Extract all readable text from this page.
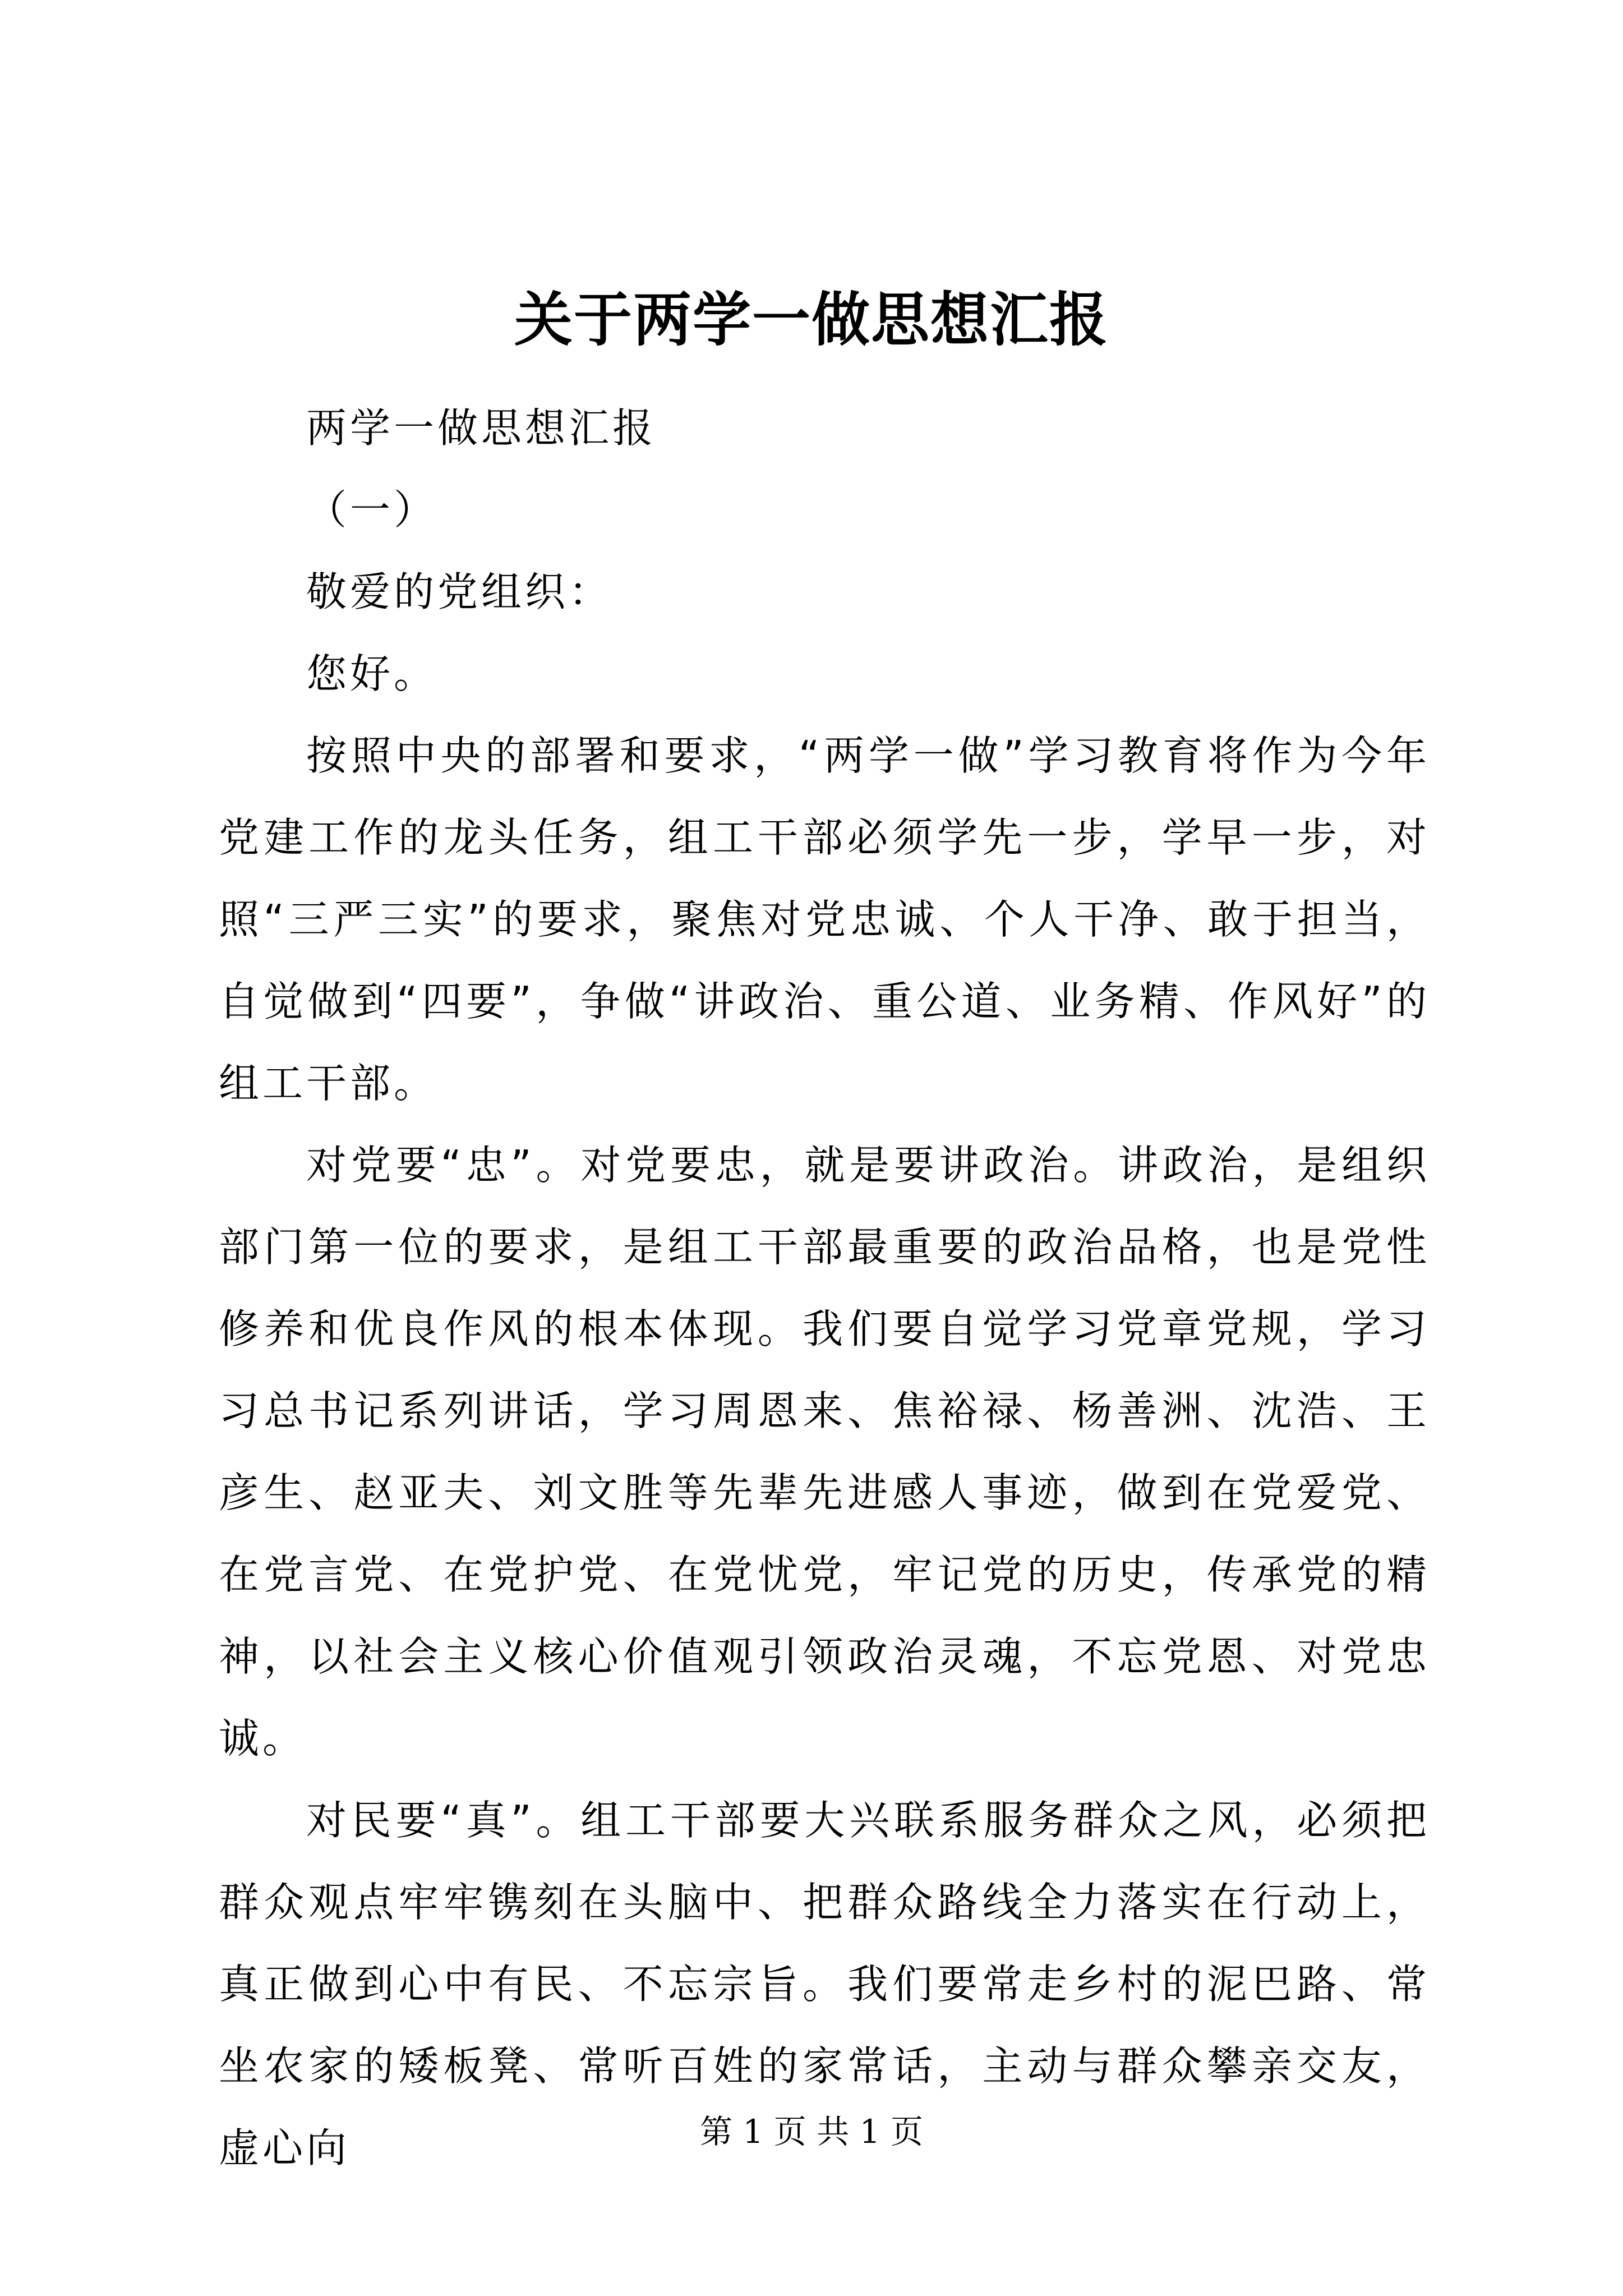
关于两学一做思想汇报

两学一做思想汇报

（一）

敬爱的党组织：

您好。

按照中央的部署和要求，“两学一做”学习教育将作为今年党建工作的龙头任务，组工干部必须学先一步，学早一步，对照“三严三实”的要求，聚焦对党忠诚、个人干净、敢于担当，自觉做到“四要”，争做“讲政治、重公道、业务精、作风好”的组工干部。

对党要“忠”。对党要忠，就是要讲政治。讲政治，是组织部门第一位的要求，是组工干部最重要的政治品格，也是党性修养和优良作风的根本体现。我们要自觉学习党章党规，学习习总书记系列讲话，学习周恩来、焦裕禄、杨善洲、沈浩、王彦生、赵亚夫、刘文胜等先辈先进感人事迹，做到在党爱党、在党言党、在党护党、在党忧党，牢记党的历史，传承党的精神，以社会主义核心价值观引领政治灵魂，不忘党恩、对党忠诚。

对民要“真”。组工干部要大兴联系服务群众之风，必须把群众观点牢牢镌刻在头脑中、把群众路线全力落实在行动上，真正做到心中有民、不忘宗旨。我们要常走乡村的泥巴路、常坐农家的矮板凳、常听百姓的家常话，主动与群众攀亲交友，虚心向	第 1 页 共 1 页
